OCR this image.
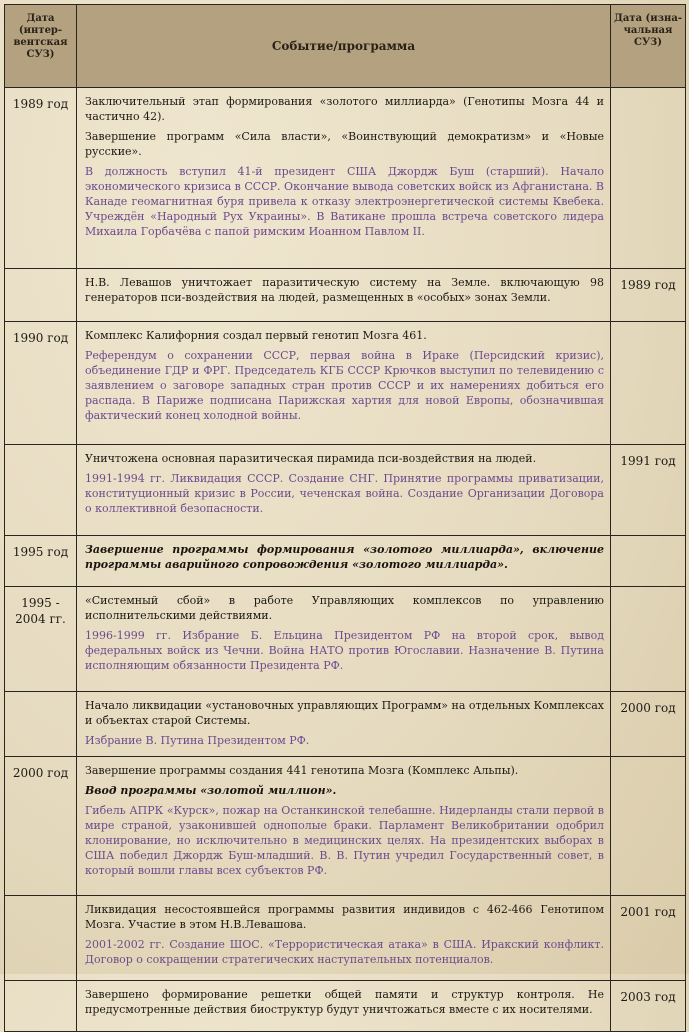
Дата (интер-вентская СУЗ)	Событие/программа	Дата (изна-чальная СУЗ)
1989 год	Заключительный этап формирования «золотого миллиарда» (Генотипы Мозга 44 и частично 42).

Завершение программ «Сила власти», «Воинствующий демократизм» и «Новые русские».

В должность вступил 41-й президент США Джордж Буш (старший). Начало экономического кризиса в СССР. Окончание вывода советских войск из Афганистана. В Канаде геомагнитная буря привела к отказу электроэнергетической системы Квебека. Учреждён «Народный Рух Украины». В Ватикане прошла встреча советского лидера Михаила Горбачёва с папой римским Иоанном Павлом II.	

	Н.В. Левашов уничтожает паразитическую систему на Земле. включающую 98 генераторов пси-воздействия на людей, размещенных в «особых» зонах Земли.	1989 год
1990 год	Комплекс Калифорния создал первый генотип Мозга 461.

Референдум о сохранении СССР, первая война в Ираке (Персидский кризис), объединение ГДР и ФРГ. Председатель КГБ СССР Крючков выступил по телевидению с заявлением о заговоре западных стран против СССР и их намерениях добиться его распада. В Париже подписана Парижская хартия для новой Европы, обозначившая фактический конец холодной войны.	

	Уничтожена основная паразитическая пирамида пси-воздействия на людей.

1991-1994 гг. Ликвидация СССР. Создание СНГ. Принятие программы приватизации, конституционный кризис в России, чеченская война. Создание Организации Договора о коллективной безопасности.	1991 год
1995 год	Завершение программы формирования «золотого миллиарда», включение программы аварийного сопровождения «золотого миллиарда».	

1995 - 2004 гг.	«Системный сбой» в работе Управляющих комплексов по управлению исполнительскими действиями.

1996-1999 гг. Избрание Б. Ельцина Президентом РФ на второй срок, вывод федеральных войск из Чечни. Война НАТО против Югославии. Назначение В. Путина исполняющим обязанности Президента РФ.	

	Начало ликвидации «установочных управляющих Программ» на отдельных Комплексах и объектах старой Системы.

Избрание В. Путина Президентом РФ.	2000 год
2000 год	Завершение программы создания 441 генотипа Мозга (Комплекс Альпы).

Ввод программы «золотой миллион».

Гибель АПРК «Курск», пожар на Останкинской телебашне. Нидерланды стали первой в мире страной, узаконившей однополые браки. Парламент Великобритании одобрил клонирование, но исключительно в медицинских целях. На президентских выборах в США победил Джордж Буш-младший. В. В. Путин учредил Государственный совет, в который вошли главы всех субъектов РФ.	

	Ликвидация несостоявшейся программы развития индивидов с 462-466 Генотипом Мозга. Участие в этом Н.В.Левашова.

2001-2002 гг. Создание ШОС. «Террористическая атака» в США. Иракский конфликт. Договор о сокращении стратегических наступательных потенциалов.	2001 год

	Завершено формирование решетки общей памяти и структур контроля. Не предусмотренные действия биоструктур будут уничтожаться вместе с их носителями.	2003 год
